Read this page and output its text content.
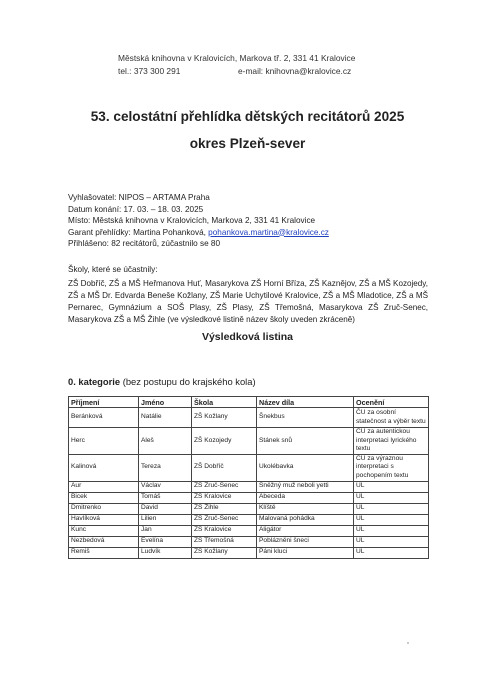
Městská knihovna v Kralovicích, Markova tř. 2, 331 41 Kralovice
tel.: 373 300 291	e-mail: knihovna@kralovice.cz
53. celostátní přehlídka dětských recitátorů 2025
okres Plzeň-sever
Vyhlašovatel: NIPOS – ARTAMA Praha
Datum konání: 17. 03. – 18. 03. 2025
Místo: Městská knihovna v Kralovicích, Markova 2, 331 41 Kralovice
Garant přehlídky: Martina Pohanková, pohankova.martina@kralovice.cz
Přihlášeno: 82 recitátorů, zúčastnilo se 80
Školy, které se účastnily:
ZŠ Dobříč, ZŠ a MŠ Heřmanova Huť, Masarykova ZŠ Horní Bříza, ZŠ Kaznějov, ZŠ a MŠ Kozojedy, ZŠ a MŠ Dr. Edvarda Beneše Kožlany, ZŠ Marie Uchytilové Kralovice, ZŠ a MŠ Mladotice, ZŠ a MŠ Pernarec, Gymnázium a SOŠ Plasy, ZŠ Plasy, ZŠ Třemošná, Masarykova ZŠ Zruč-Senec, Masarykova ZŠ a MŠ Žihle (ve výsledkové listině název školy uveden zkráceně)
Výsledková listina
0. kategorie (bez postupu do krajského kola)
Příjmení	Jméno	Škola	Název díla	Ocenění
Beránková	Natálie	ZŠ Kožlany	Šnekbus	ČU za osobní statečnost a výběr textu
Herc	Aleš	ZŠ Kozojedy	Stánek snů	ČU za autentickou interpretaci lyrického textu
Kalinová	Tereza	ZŠ Dobříč	Ukolébavka	ČU za výraznou interpretaci s pochopením textu
Aur	Václav	ZŠ Zruč-Senec	Sněžný muž neboli yetti	ÚL
Bicek	Tomáš	ZŠ Kralovice	Abeceda	ÚL
Dmitrenko	David	ZŠ Žihle	Klíště	ÚL
Havlíková	Lilien	ZŠ Zruč-Senec	Malovaná pohádka	ÚL
Kunc	Jan	ZŠ Kralovice	Aligátor	ÚL
Nezbedová	Evelína	ZŠ Třemošná	Poblázněni šneci	ÚL
Remiš	Ludvík	ZŠ Kožlany	Páni kluci	ÚL
